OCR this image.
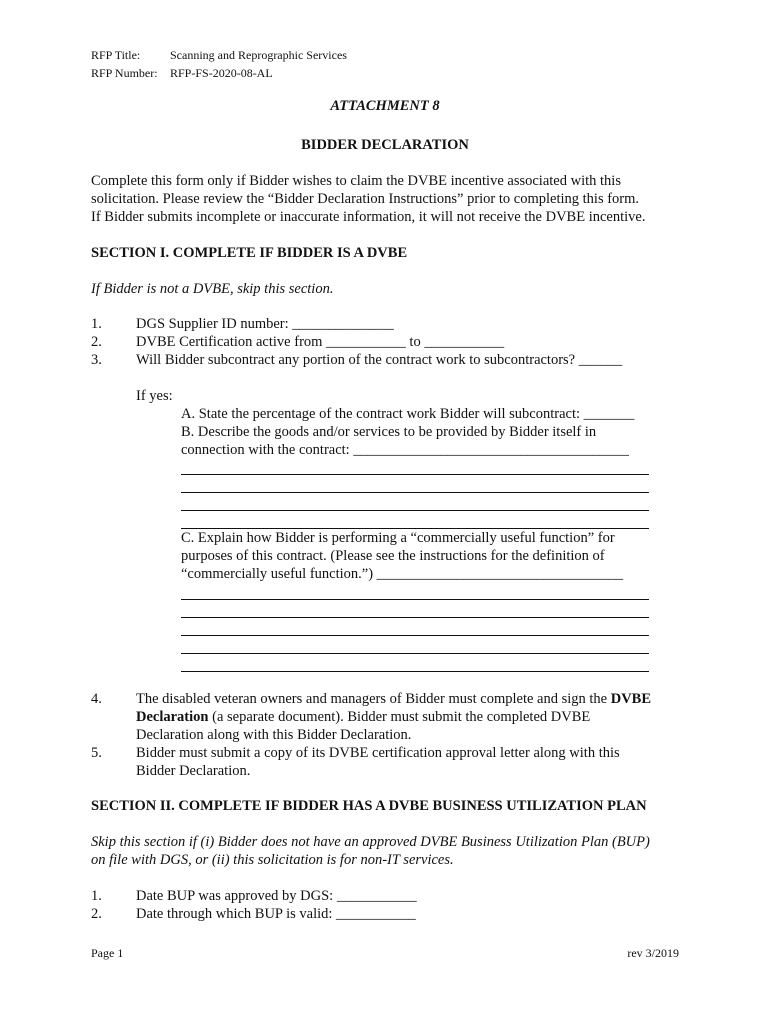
RFP Title: Scanning and Reprographic Services
RFP Number: RFP-FS-2020-08-AL
ATTACHMENT 8
BIDDER DECLARATION
Complete this form only if Bidder wishes to claim the DVBE incentive associated with this
solicitation. Please review the “Bidder Declaration Instructions” prior to completing this form.
If Bidder submits incomplete or inaccurate information, it will not receive the DVBE incentive.
SECTION I. COMPLETE IF BIDDER IS A DVBE
If Bidder is not a DVBE, skip this section.
1. DGS Supplier ID number: ______________
2. DVBE Certification active from ___________ to ___________
3. Will Bidder subcontract any portion of the contract work to subcontractors? ______
If yes:
A. State the percentage of the contract work Bidder will subcontract: _______
B. Describe the goods and/or services to be provided by Bidder itself in
connection with the contract: ______________________________________
C. Explain how Bidder is performing a “commercially useful function” for
purposes of this contract. (Please see the instructions for the definition of
“commercially useful function.”) __________________________________
4. The disabled veteran owners and managers of Bidder must complete and sign the DVBE
Declaration (a separate document). Bidder must submit the completed DVBE
Declaration along with this Bidder Declaration.
5. Bidder must submit a copy of its DVBE certification approval letter along with this
Bidder Declaration.
SECTION II. COMPLETE IF BIDDER HAS A DVBE BUSINESS UTILIZATION PLAN
Skip this section if (i) Bidder does not have an approved DVBE Business Utilization Plan (BUP)
on file with DGS, or (ii) this solicitation is for non-IT services.
1. Date BUP was approved by DGS: ___________
2. Date through which BUP is valid: ___________
Page 1	rev 3/2019
